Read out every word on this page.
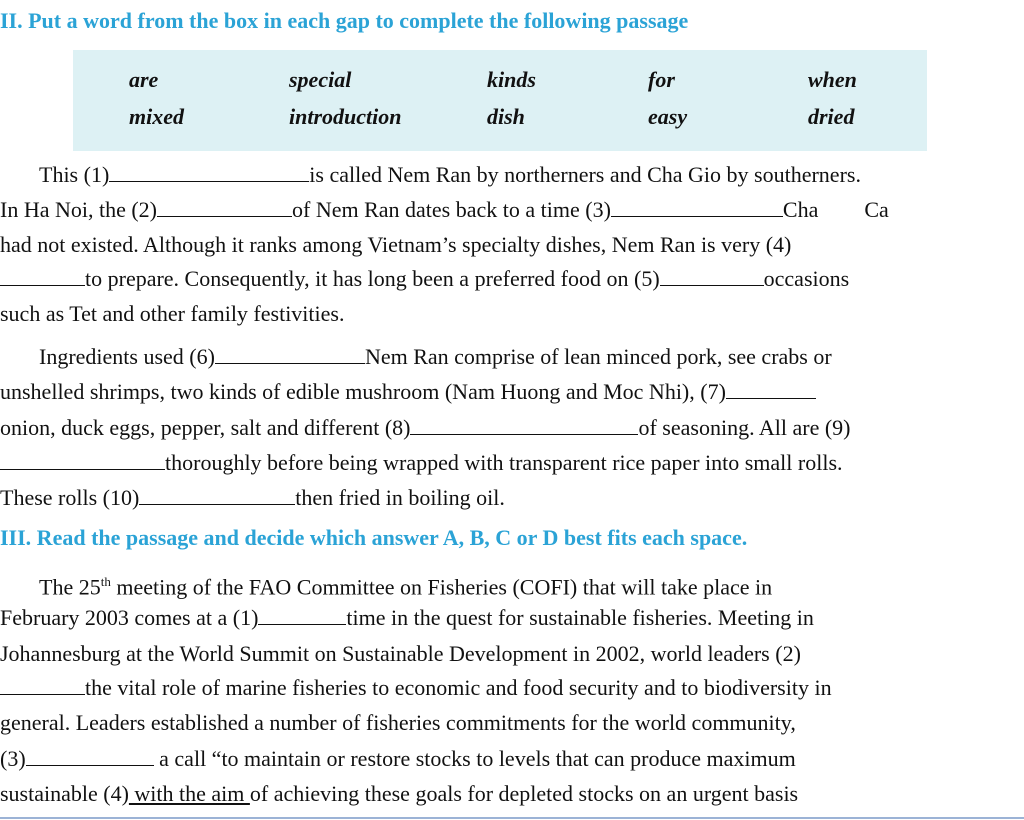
II. Put a word from the box in each gap to complete the following passage
are	special	kinds	for	when
mixed	introduction	dish	easy	dried
This (1)	is called Nem Ran by northerners and Cha Gio by southerners.
In Ha Noi, the (2)	of Nem Ran dates back to a time (3)	Cha Ca
had not existed. Although it ranks among Vietnam’s specialty dishes, Nem Ran is very (4)
to prepare. Consequently, it has long been a preferred food on (5)	occasions
such as Tet and other family festivities.
Ingredients used (6)	Nem Ran comprise of lean minced pork, see crabs or
unshelled shrimps, two kinds of edible mushroom (Nam Huong and Moc Nhi), (7)
onion, duck eggs, pepper, salt and different (8)	of seasoning. All are (9)
thoroughly before being wrapped with transparent rice paper into small rolls.
These rolls (10)	then fried in boiling oil.
III. Read the passage and decide which answer A, B, C or D best fits each space.
The 25th meeting of the FAO Committee on Fisheries (COFI) that will take place in
February 2003 comes at a (1)	time in the quest for sustainable fisheries. Meeting in
Johannesburg at the World Summit on Sustainable Development in 2002, world leaders (2)
the vital role of marine fisheries to economic and food security and to biodiversity in
general. Leaders established a number of fisheries commitments for the world community,
(3)	a call “to maintain or restore stocks to levels that can produce maximum
sustainable (4) with the aim of achieving these goals for depleted stocks on an urgent basis
